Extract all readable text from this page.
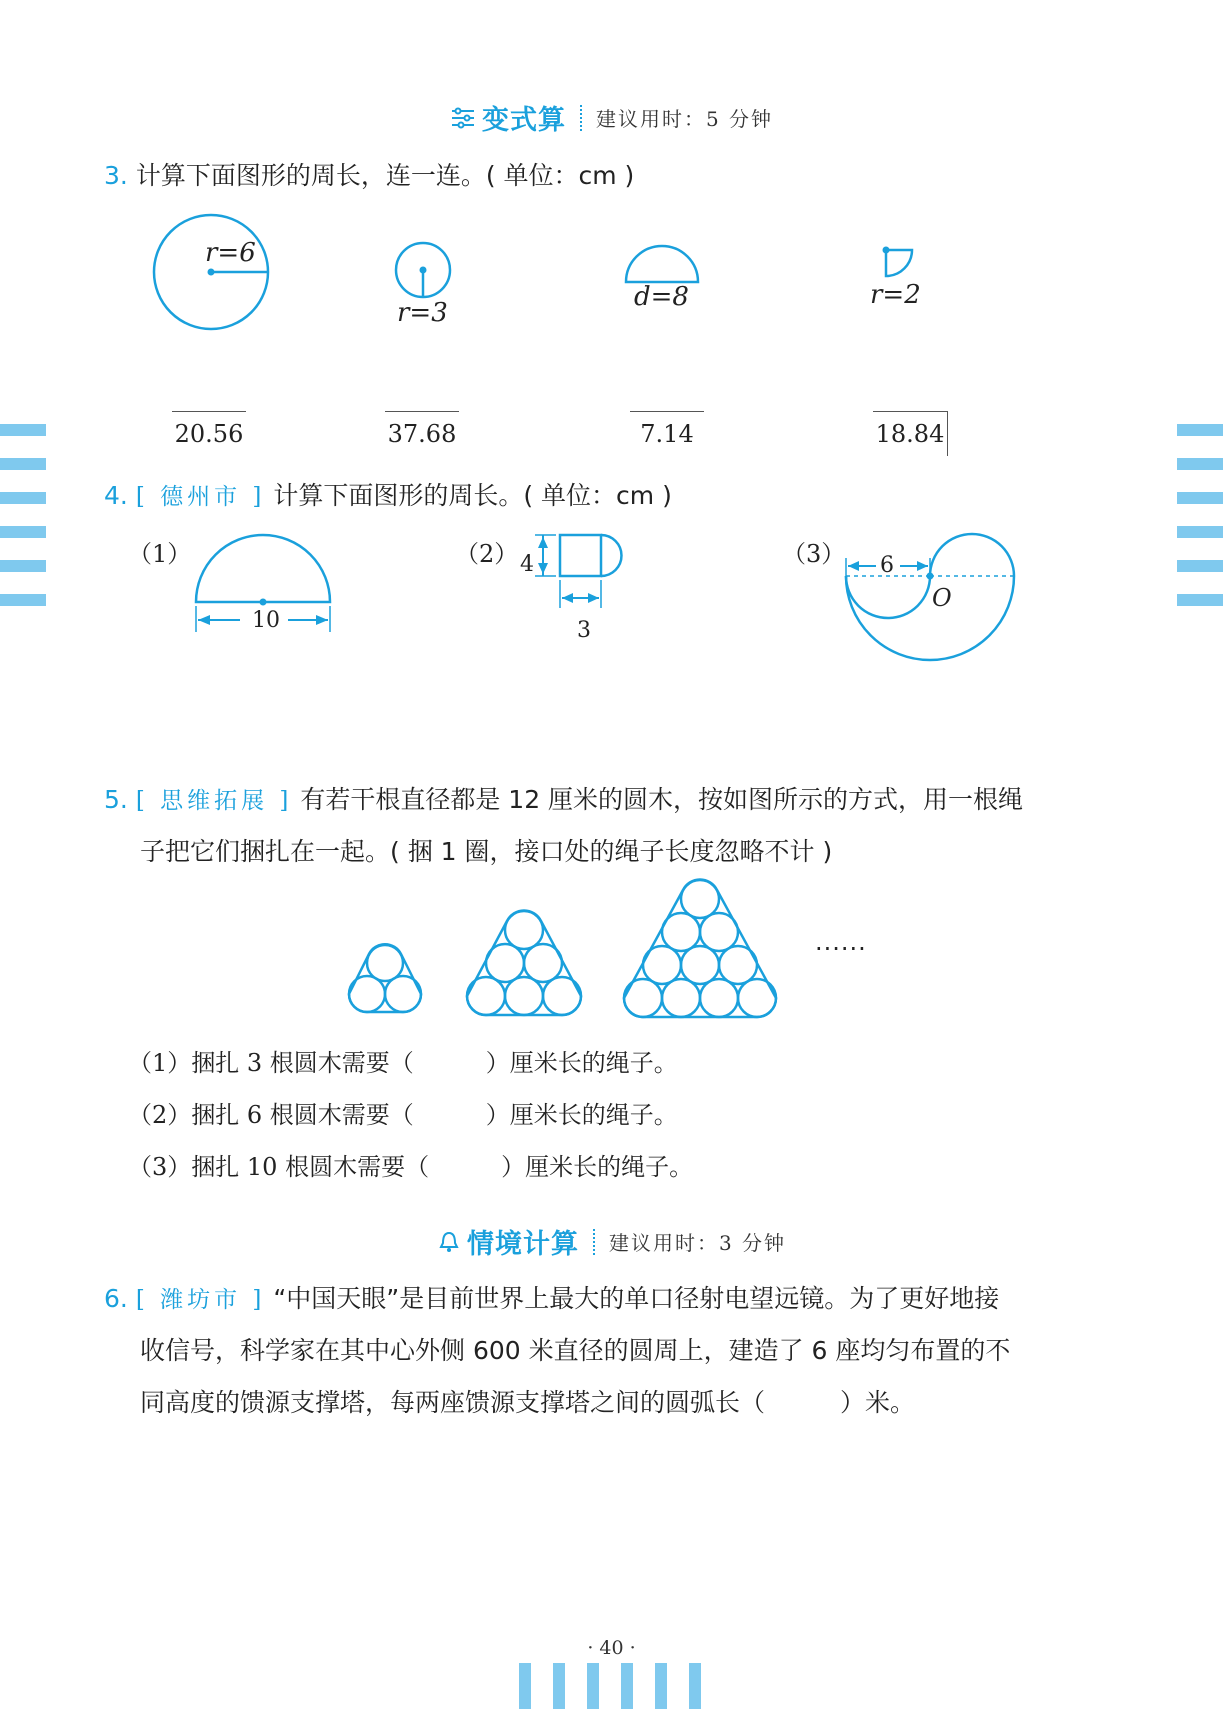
变式算 建议用时：5 分钟
3. 计算下面图形的周长，连一连。( 单位：cm )
r=6
r=3
d=8	r=2
20.56	37.68	7.14	18.84
4. [ 德州市 ] 计算下面图形的周长。( 单位：cm )
（1）	（2）	（3）
10
4
3
6
O
5. [ 思维拓展 ] 有若干根直径都是 12 厘米的圆木，按如图所示的方式，用一根绳
子把它们捆扎在一起。( 捆 1 圈，接口处的绳子长度忽略不计 )
......
（1）捆扎 3 根圆木需要（　　　）厘米长的绳子。
（2）捆扎 6 根圆木需要（　　　）厘米长的绳子。
（3）捆扎 10 根圆木需要（　　　）厘米长的绳子。
情境计算 建议用时：3 分钟
6. [ 潍坊市 ] “中国天眼”是目前世界上最大的单口径射电望远镜。为了更好地接
收信号，科学家在其中心外侧 600 米直径的圆周上，建造了 6 座均匀布置的不
同高度的馈源支撑塔，每两座馈源支撑塔之间的圆弧长（　　　）米。
· 40 ·
